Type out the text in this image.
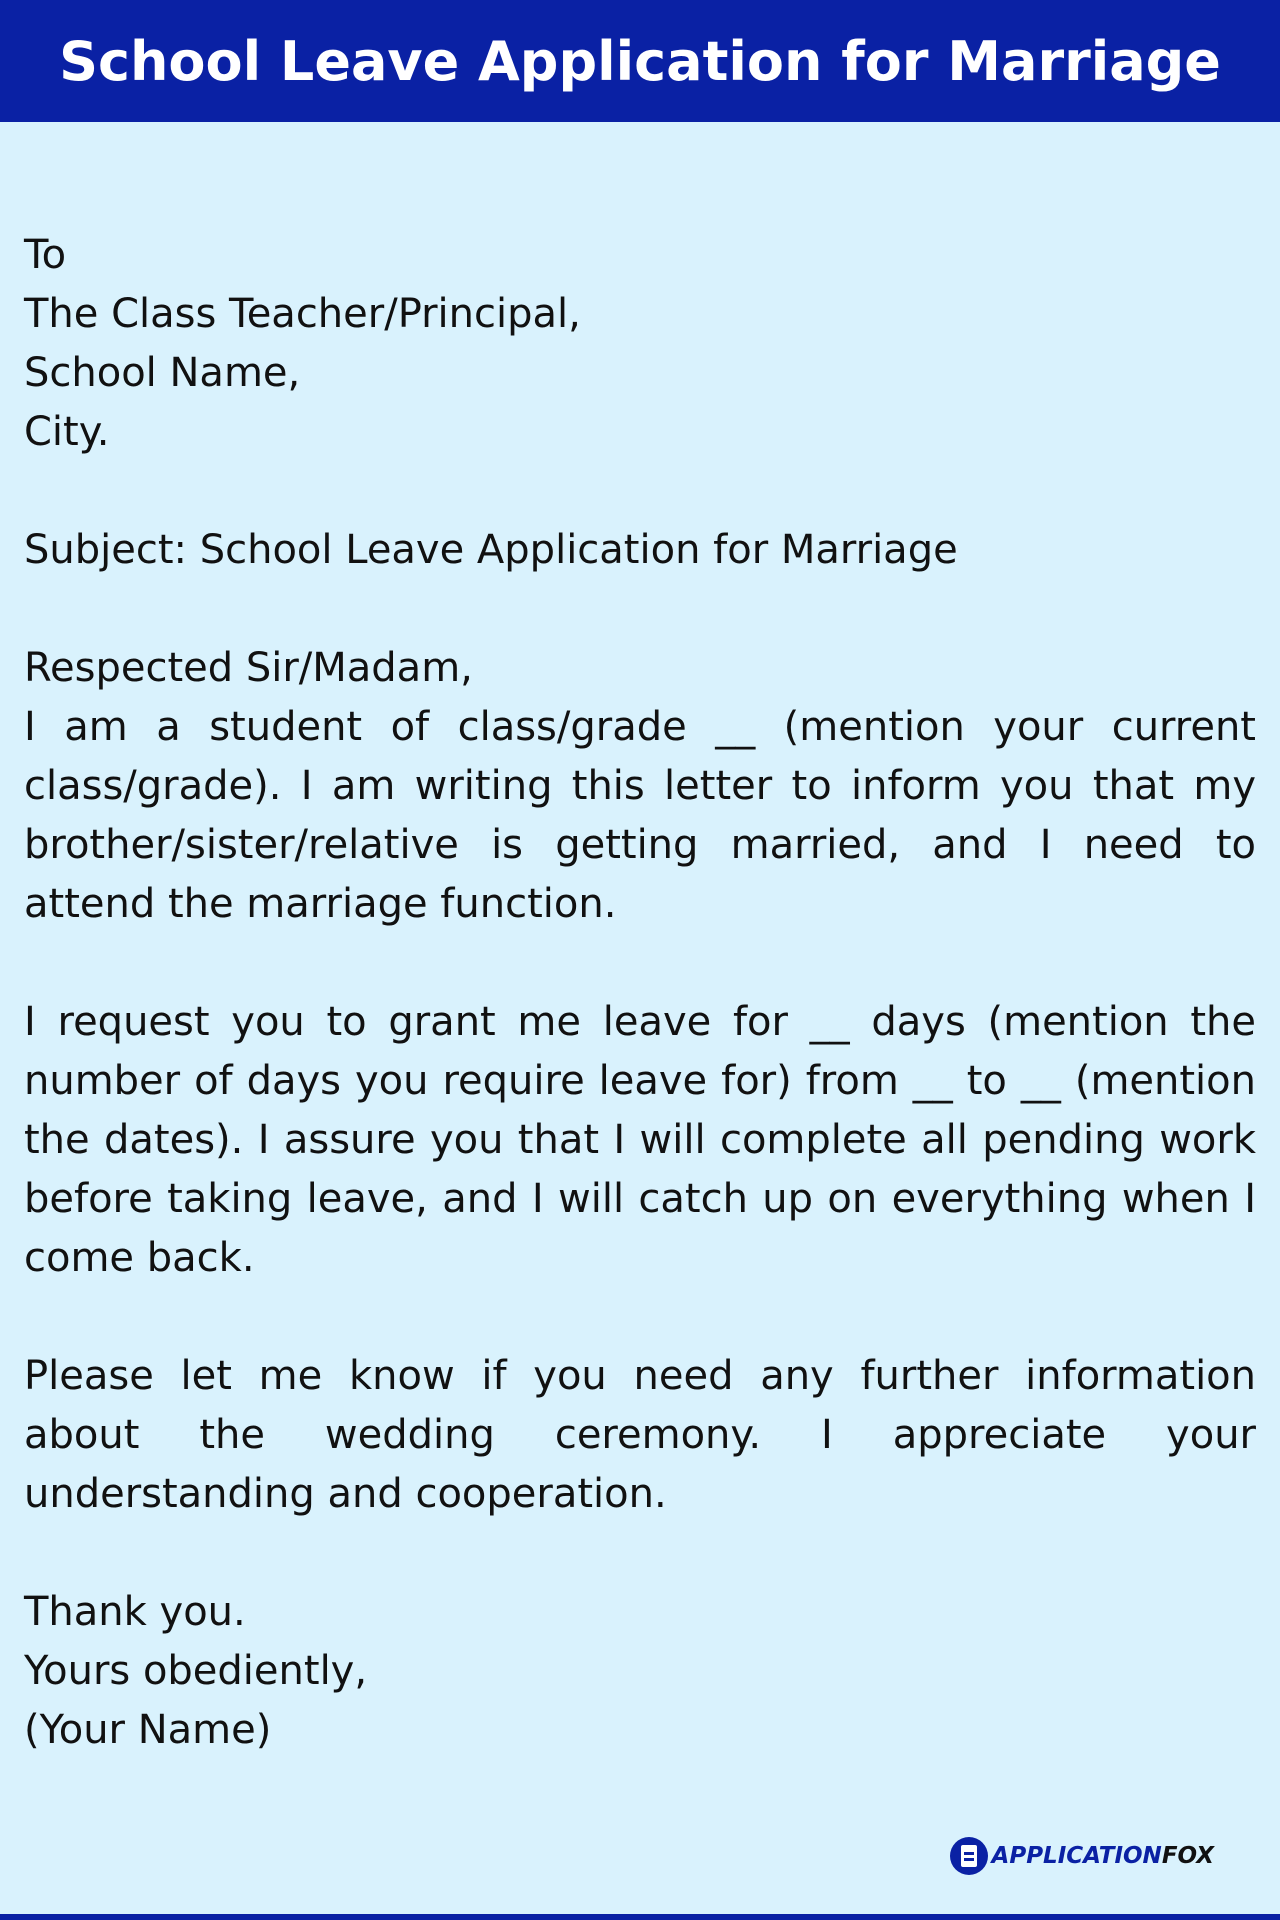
School Leave Application for Marriage
To
The Class Teacher/Principal,
School Name,
City.
Subject: School Leave Application for Marriage
Respected Sir/Madam,

I am a student of class/grade __ (mention your current class/grade). I am writing this letter to inform you that my brother/sister/relative is getting married, and I need to attend the marriage function.

I request you to grant me leave for __ days (mention the number of days you require leave for) from __ to __ (mention the dates). I assure you that I will complete all pending work before taking leave, and I will catch up on everything when I come back.

Please let me know if you need any further information about the wedding ceremony. I appreciate your understanding and cooperation.

Thank you.
Yours obediently,
(Your Name)
APPLICATIONFOX
